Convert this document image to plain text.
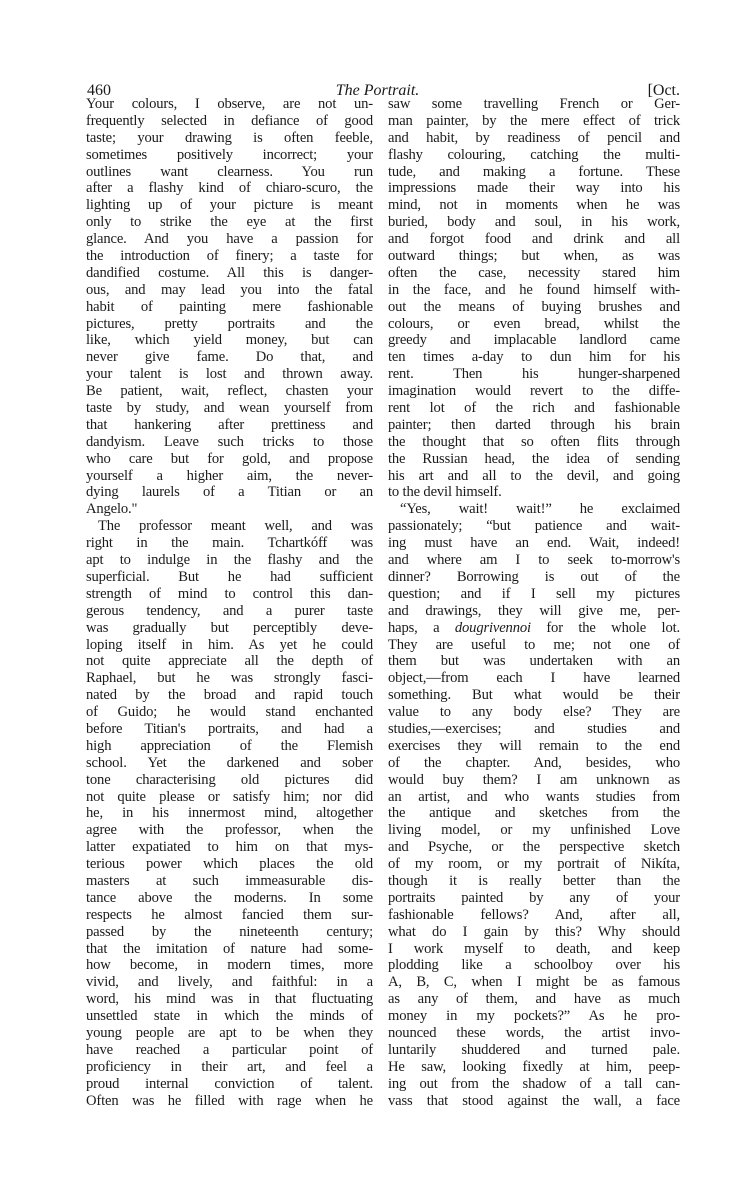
460	The Portrait.	[Oct.
Your colours, I observe, are not un-
frequently selected in defiance of good
taste; your drawing is often feeble,
sometimes positively incorrect; your
outlines want clearness. You run
after a flashy kind of chiaro-scuro, the
lighting up of your picture is meant
only to strike the eye at the first
glance. And you have a passion for
the introduction of finery; a taste for
dandified costume. All this is danger-
ous, and may lead you into the fatal
habit of painting mere fashionable
pictures, pretty portraits and the
like, which yield money, but can
never give fame. Do that, and
your talent is lost and thrown away.
Be patient, wait, reflect, chasten your
taste by study, and wean yourself from
that hankering after prettiness and
dandyism. Leave such tricks to those
who care but for gold, and propose
yourself a higher aim, the never-
dying laurels of a Titian or an
Angelo."
The professor meant well, and was
right in the main. Tchartkóff was
apt to indulge in the flashy and the
superficial. But he had sufficient
strength of mind to control this dan-
gerous tendency, and a purer taste
was gradually but perceptibly deve-
loping itself in him. As yet he could
not quite appreciate all the depth of
Raphael, but he was strongly fasci-
nated by the broad and rapid touch
of Guido; he would stand enchanted
before Titian's portraits, and had a
high appreciation of the Flemish
school. Yet the darkened and sober
tone characterising old pictures did
not quite please or satisfy him; nor did
he, in his innermost mind, altogether
agree with the professor, when the
latter expatiated to him on that mys-
terious power which places the old
masters at such immeasurable dis-
tance above the moderns. In some
respects he almost fancied them sur-
passed by the nineteenth century;
that the imitation of nature had some-
how become, in modern times, more
vivid, and lively, and faithful: in a
word, his mind was in that fluctuating
unsettled state in which the minds of
young people are apt to be when they
have reached a particular point of
proficiency in their art, and feel a
proud internal conviction of talent.
Often was he filled with rage when he
saw some travelling French or Ger-
man painter, by the mere effect of trick
and habit, by readiness of pencil and
flashy colouring, catching the multi-
tude, and making a fortune. These
impressions made their way into his
mind, not in moments when he was
buried, body and soul, in his work,
and forgot food and drink and all
outward things; but when, as was
often the case, necessity stared him
in the face, and he found himself with-
out the means of buying brushes and
colours, or even bread, whilst the
greedy and implacable landlord came
ten times a-day to dun him for his
rent. Then his hunger-sharpened
imagination would revert to the diffe-
rent lot of the rich and fashionable
painter; then darted through his brain
the thought that so often flits through
the Russian head, the idea of sending
his art and all to the devil, and going
to the devil himself.
“Yes, wait! wait!” he exclaimed
passionately; “but patience and wait-
ing must have an end. Wait, indeed!
and where am I to seek to-morrow's
dinner? Borrowing is out of the
question; and if I sell my pictures
and drawings, they will give me, per-
haps, a dougrivennoi for the whole lot.
They are useful to me; not one of
them but was undertaken with an
object,—from each I have learned
something. But what would be their
value to any body else? They are
studies,—exercises; and studies and
exercises they will remain to the end
of the chapter. And, besides, who
would buy them? I am unknown as
an artist, and who wants studies from
the antique and sketches from the
living model, or my unfinished Love
and Psyche, or the perspective sketch
of my room, or my portrait of Nikíta,
though it is really better than the
portraits painted by any of your
fashionable fellows? And, after all,
what do I gain by this? Why should
I work myself to death, and keep
plodding like a schoolboy over his
A, B, C, when I might be as famous
as any of them, and have as much
money in my pockets?” As he pro-
nounced these words, the artist invo-
luntarily shuddered and turned pale.
He saw, looking fixedly at him, peep-
ing out from the shadow of a tall can-
vass that stood against the wall, a face
